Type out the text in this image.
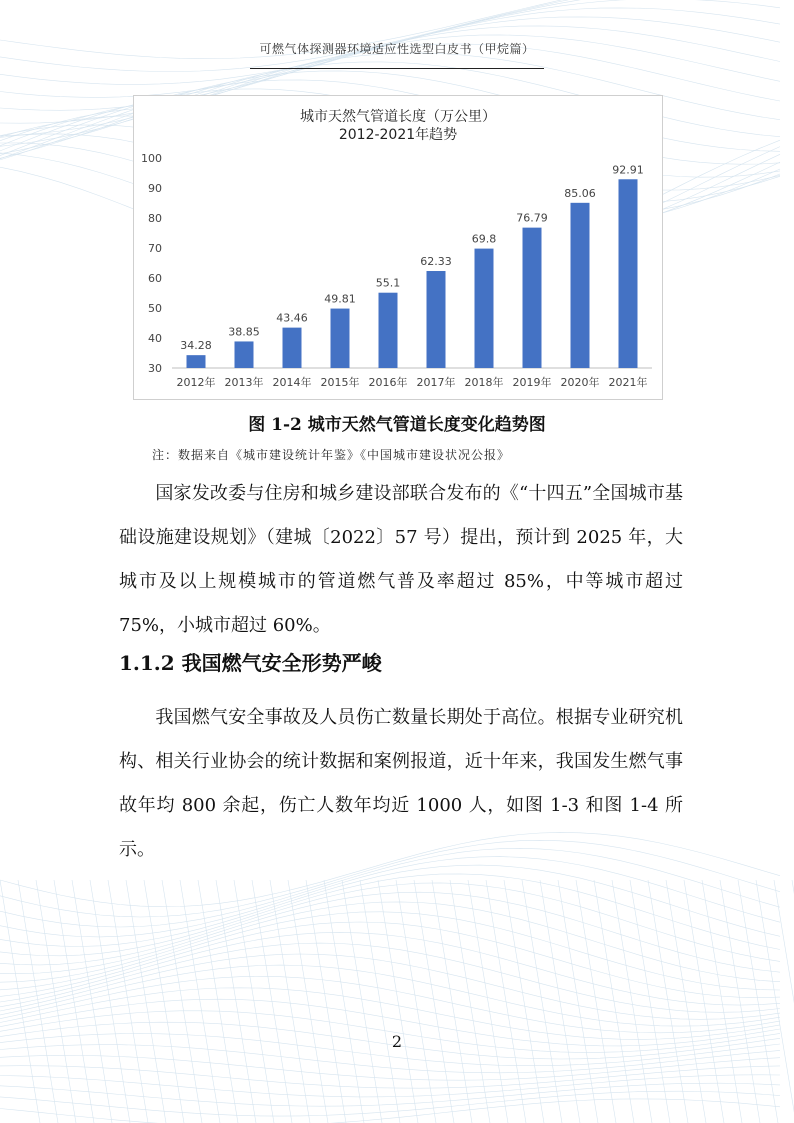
可燃气体探测器环境适应性选型白皮书（甲烷篇）
城市天然气管道长度（万公里）
2012-2021年趋势
30
40
50
60
70
80
90
100
34.28
2012年
38.85
2013年
43.46
2014年
49.81
2015年
55.1
2016年
62.33
2017年
69.8
2018年
76.79
2019年
85.06
2020年
92.91
2021年
图 1-2 城市天然气管道长度变化趋势图
注：数据来自《城市建设统计年鉴》《中国城市建设状况公报》

　　国家发改委与住房和城乡建设部联合发布的《“十四五”全国城市基础设施建设规划》（建城〔2022〕57 号）提出，预计到 2025 年，大城市及以上规模城市的管道燃气普及率超过 85%，中等城市超过 75%，小城市超过 60%。

1.1.2 我国燃气安全形势严峻

　　我国燃气安全事故及人员伤亡数量长期处于高位。根据专业研究机构、相关行业协会的统计数据和案例报道，近十年来，我国发生燃气事故年均 800 余起，伤亡人数年均近 1000 人，如图 1-3 和图 1-4 所示。

2
